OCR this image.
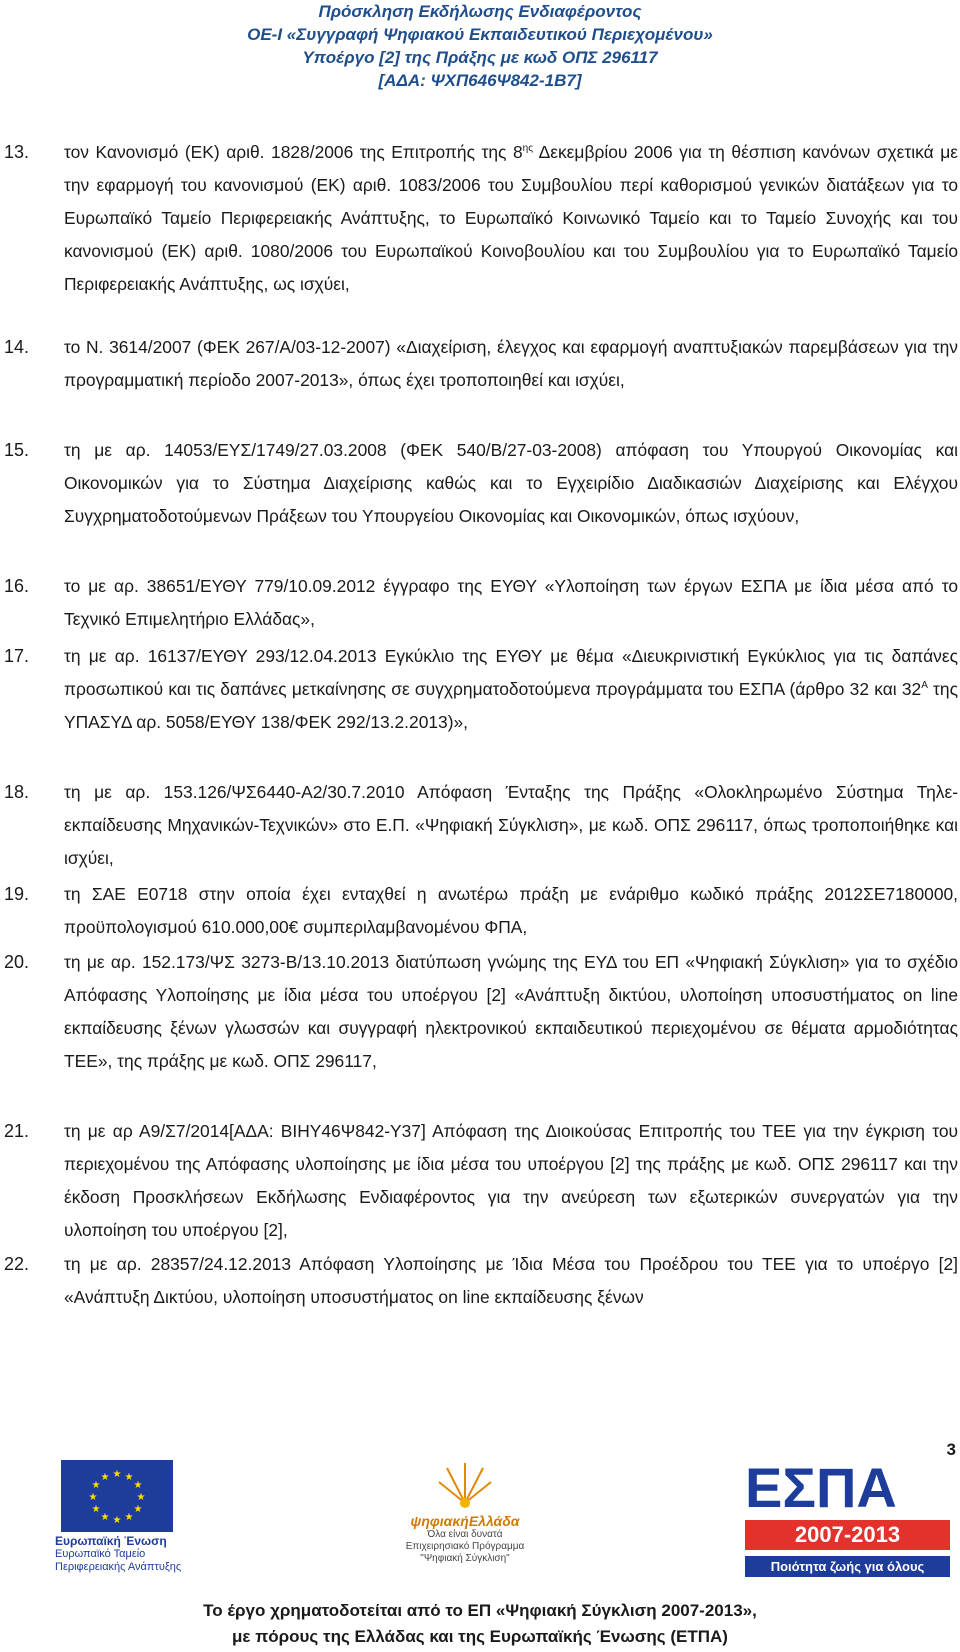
Πρόσκληση Εκδήλωσης Ενδιαφέροντος
ΟΕ-Ι «Συγγραφή Ψηφιακού Εκπαιδευτικού Περιεχομένου»
Υποέργο [2] της Πράξης με κωδ ΟΠΣ 296117
[ΑΔΑ: ΨΧΠ646Ψ842-1Β7]
13. τον Κανονισμό (ΕΚ) αριθ. 1828/2006 της Επιτροπής της $8^{\eta\varsigma}$ Δεκεμβρίου 2006 για τη θέσπιση κανόνων σχετικά με την εφαρμογή του κανονισμού (ΕΚ) αριθ. 1083/2006 του Συμβουλίου περί καθορισμού γενικών διατάξεων για το Ευρωπαϊκό Ταμείο Περιφερειακής Ανάπτυξης, το Ευρωπαϊκό Κοινωνικό Ταμείο και το Ταμείο Συνοχής και του κανονισμού (ΕΚ) αριθ. 1080/2006 του Ευρωπαϊκού Κοινοβουλίου και του Συμβουλίου για το Ευρωπαϊκό Ταμείο Περιφερειακής Ανάπτυξης, ως ισχύει,
14. το Ν. 3614/2007 (ΦΕΚ 267/Α/03-12-2007) «Διαχείριση, έλεγχος και εφαρμογή αναπτυξιακών παρεμβάσεων για την προγραμματική περίοδο 2007-2013», όπως έχει τροποποιηθεί και ισχύει,
15. τη με αρ. 14053/ΕΥΣ/1749/27.03.2008 (ΦΕΚ 540/Β/27-03-2008) απόφαση του Υπουργού Οικονομίας και Οικονομικών για το Σύστημα Διαχείρισης καθώς και το Εγχειρίδιο Διαδικασιών Διαχείρισης και Ελέγχου Συγχρηματοδοτούμενων Πράξεων του Υπουργείου Οικονομίας και Οικονομικών, όπως ισχύουν,
16. το με αρ. 38651/ΕΥΘΥ 779/10.09.2012 έγγραφο της ΕΥΘΥ «Υλοποίηση των έργων ΕΣΠΑ με ίδια μέσα από το Τεχνικό Επιμελητήριο Ελλάδας»,
17. τη με αρ. 16137/ΕΥΘΥ 293/12.04.2013 Εγκύκλιο της ΕΥΘΥ με θέμα «Διευκρινιστική Εγκύκλιος για τις δαπάνες προσωπικού και τις δαπάνες μετκαίνησης σε συγχρηματοδοτούμενα προγράμματα του ΕΣΠΑ (άρθρο 32 και $32^A$ της ΥΠΑΣΥΔ αρ. 5058/ΕΥΘΥ 138/ΦΕΚ 292/13.2.2013)»,
18. τη με αρ. 153.126/ΨΣ6440-Α2/30.7.2010 Απόφαση Ένταξης της Πράξης «Ολοκληρωμένο Σύστημα Τηλε-εκπαίδευσης Μηχανικών-Τεχνικών» στο Ε.Π. «Ψηφιακή Σύγκλιση», με κωδ. ΟΠΣ 296117, όπως τροποποιήθηκε και ισχύει,
19. τη ΣΑΕ Ε0718 στην οποία έχει ενταχθεί η ανωτέρω πράξη με ενάριθμο κωδικό πράξης 2012ΣΕ7180000, προϋπολογισμού 610.000,00€ συμπεριλαμβανομένου ΦΠΑ,
20. τη με αρ. 152.173/ΨΣ 3273-Β/13.10.2013 διατύπωση γνώμης της ΕΥΔ του ΕΠ «Ψηφιακή Σύγκλιση» για το σχέδιο Απόφασης Υλοποίησης με ίδια μέσα του υποέργου [2] «Ανάπτυξη δικτύου, υλοποίηση υποσυστήματος on line εκπαίδευσης ξένων γλωσσών και συγγραφή ηλεκτρονικού εκπαιδευτικού περιεχομένου σε θέματα αρμοδιότητας ΤΕΕ», της πράξης με κωδ. ΟΠΣ 296117,
21. τη με αρ Α9/Σ7/2014[ΑΔΑ: ΒΙΗΥ46Ψ842-Υ37] Απόφαση της Διοικούσας Επιτροπής του ΤΕΕ για την έγκριση του περιεχομένου της Απόφασης υλοποίησης με ίδια μέσα του υποέργου [2] της πράξης με κωδ. ΟΠΣ 296117 και την έκδοση Προσκλήσεων Εκδήλωσης Ενδιαφέροντος για την ανεύρεση των εξωτερικών συνεργατών για την υλοποίηση του υποέργου [2],
22. τη με αρ. 28357/24.12.2013 Απόφαση Υλοποίησης με Ίδια Μέσα του Προέδρου του ΤΕΕ για το υποέργο [2] «Ανάπτυξη Δικτύου, υλοποίηση υποσυστήματος on line εκπαίδευσης ξένων
3
★ ★
★
★
★
★
★
★
★
★
★
★
Ευρωπαϊκή Ένωση
Ευρωπαϊκό Ταμείο
Περιφερειακής Ανάπτυξης
ψηφιακήΕλλάδα
Όλα είναι δυνατά
Επιχειρησιακό Πρόγραμμα
"Ψηφιακή Σύγκλιση"
ΕΣΠΑ
2007-2013
Ποιότητα ζωής για όλους
Το έργο χρηματοδοτείται από το ΕΠ «Ψηφιακή Σύγκλιση 2007-2013»,
με πόρους της Ελλάδας και της Ευρωπαϊκής Ένωσης (ΕΤΠΑ)
